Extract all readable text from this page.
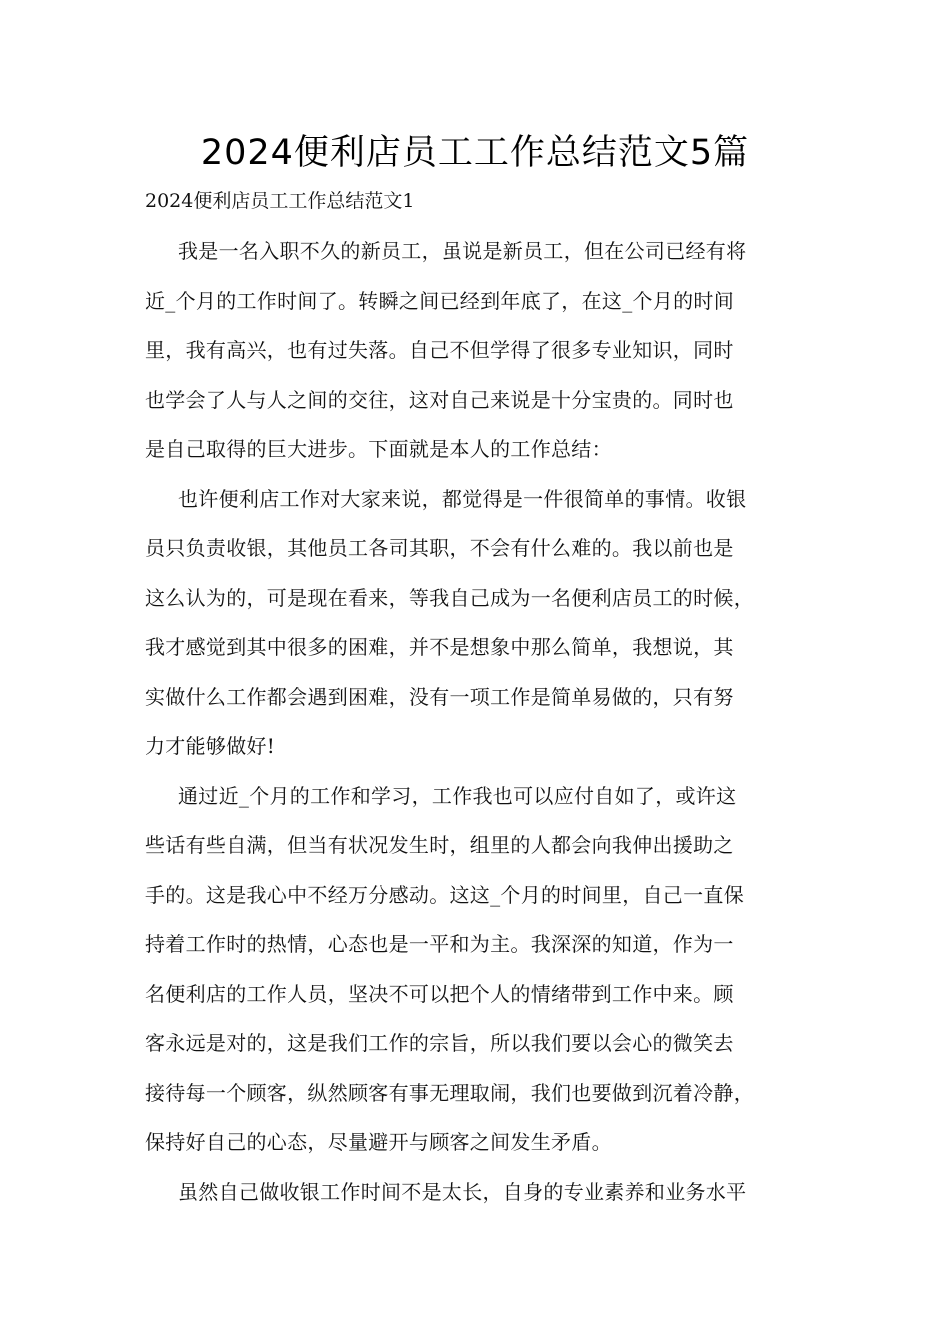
2024便利店员工工作总结范文5篇

2024便利店员工工作总结范文1

我是一名入职不久的新员工，虽说是新员工，但在公司已经有将
近_个月的工作时间了。转瞬之间已经到年底了，在这_个月的时间
里，我有高兴，也有过失落。自己不但学得了很多专业知识，同时
也学会了人与人之间的交往，这对自己来说是十分宝贵的。同时也
是自己取得的巨大进步。下面就是本人的工作总结：
也许便利店工作对大家来说，都觉得是一件很简单的事情。收银
员只负责收银，其他员工各司其职，不会有什么难的。我以前也是
这么认为的，可是现在看来，等我自己成为一名便利店员工的时候，
我才感觉到其中很多的困难，并不是想象中那么简单，我想说，其
实做什么工作都会遇到困难，没有一项工作是简单易做的，只有努
力才能够做好!
通过近_个月的工作和学习，工作我也可以应付自如了，或许这
些话有些自满，但当有状况发生时，组里的人都会向我伸出援助之
手的。这是我心中不经万分感动。这这_个月的时间里，自己一直保
持着工作时的热情，心态也是一平和为主。我深深的知道，作为一
名便利店的工作人员，坚决不可以把个人的情绪带到工作中来。顾
客永远是对的，这是我们工作的宗旨，所以我们要以会心的微笑去
接待每一个顾客，纵然顾客有事无理取闹，我们也要做到沉着冷静，
保持好自己的心态，尽量避开与顾客之间发生矛盾。
虽然自己做收银工作时间不是太长，自身的专业素养和业务水平
